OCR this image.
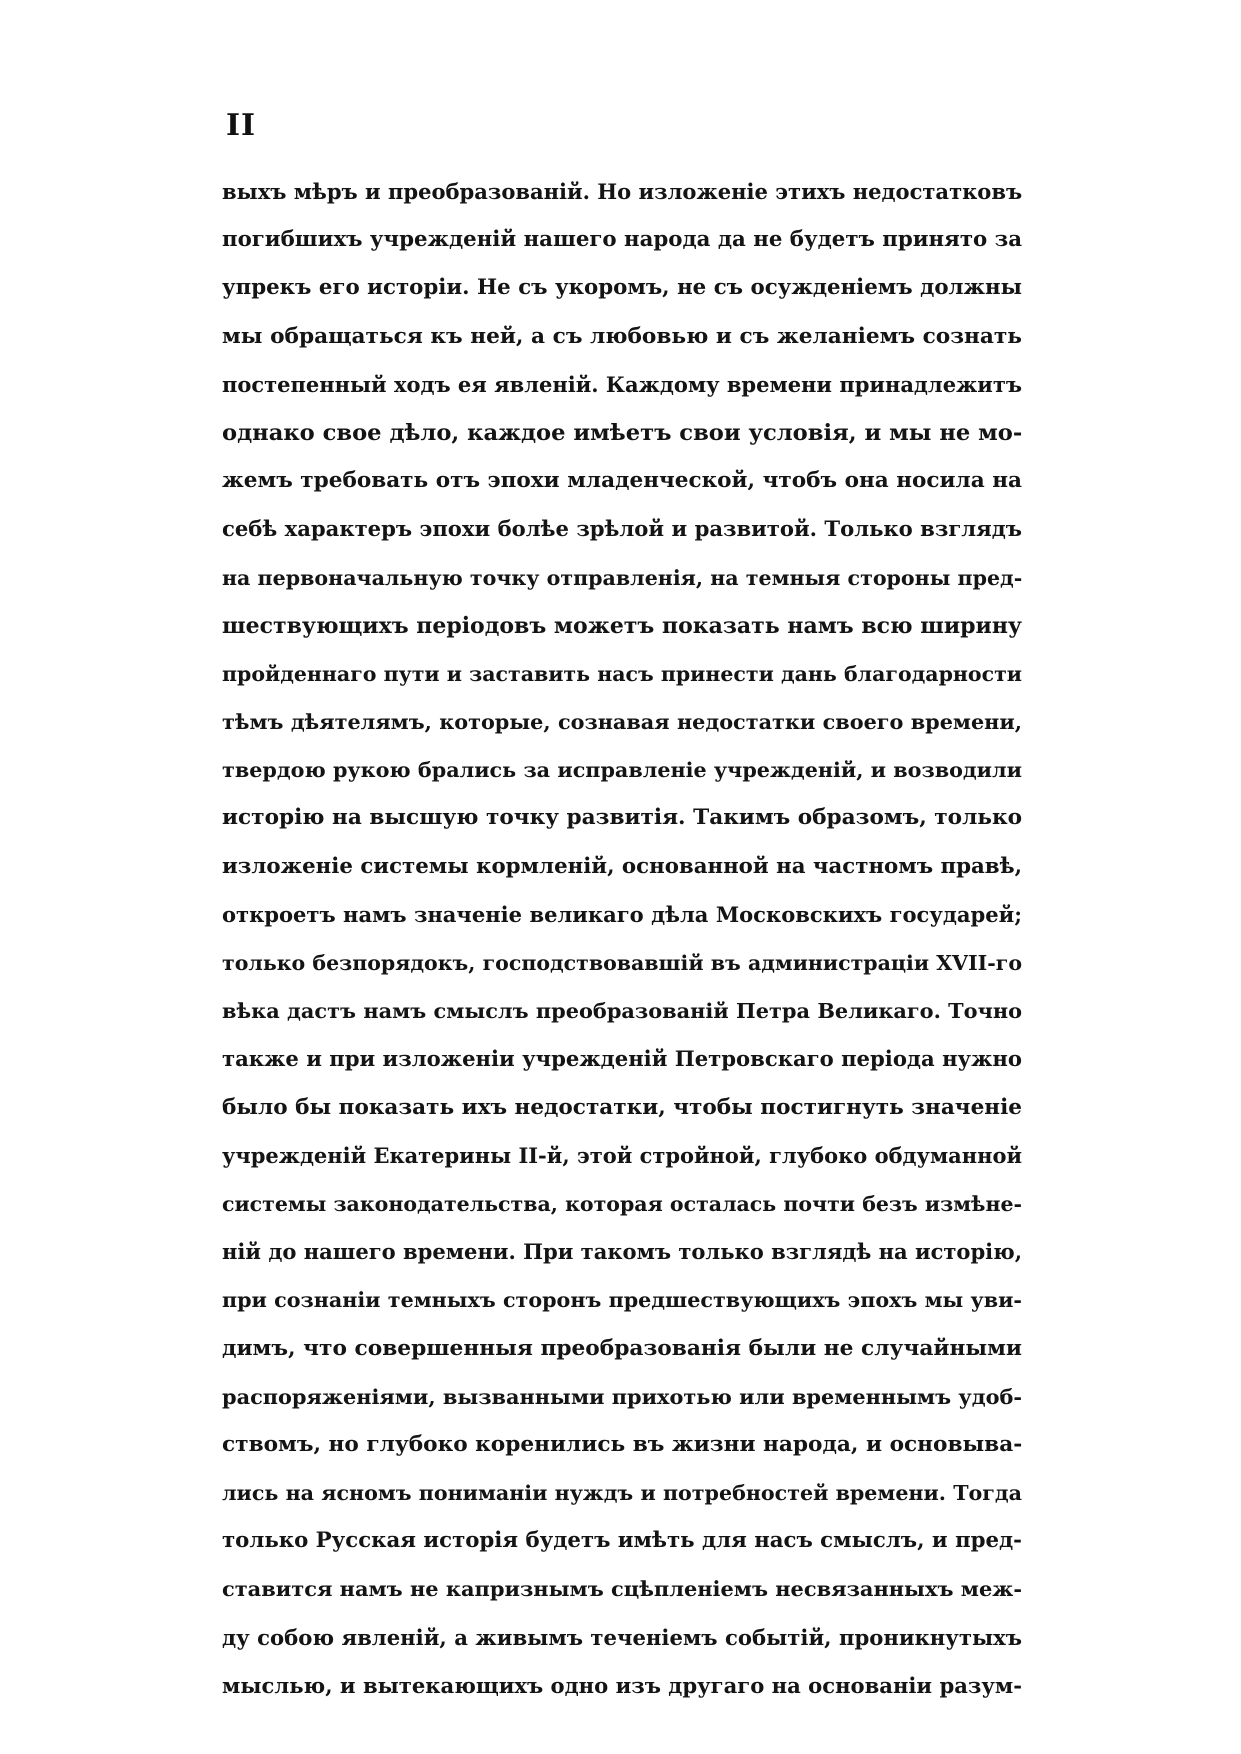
II
выхъ мѣръ и преобразованій. Но изложеніе этихъ недостатковъ
погибшихъ учрежденій нашего народа да не будетъ принято за
упрекъ его исторіи. Не съ укоромъ, не съ осужденіемъ должны
мы обращаться къ ней, а съ любовью и съ желаніемъ сознать
постепенный ходъ ея явленій. Каждому времени принадлежитъ
однако свое дѣло, каждое имѣетъ свои условія, и мы не мо-
жемъ требовать отъ эпохи младенческой, чтобъ она носила на
себѣ характеръ эпохи болѣе зрѣлой и развитой. Только взглядъ
на первоначальную точку отправленія, на темныя стороны пред-
шествующихъ періодовъ можетъ показать намъ всю ширину
пройденнаго пути и заставить насъ принести дань благодарности
тѣмъ дѣятелямъ, которые, сознавая недостатки своего времени,
твердою рукою брались за исправленіе учрежденій, и возводили
исторію на высшую точку развитія. Такимъ образомъ, только
изложеніе системы кормленій, основанной на частномъ правѣ,
откроетъ намъ значеніе великаго дѣла Московскихъ государей;
только безпорядокъ, господствовавшій въ администраціи XVII-го
вѣка дастъ намъ смыслъ преобразованій Петра Великаго. Точно
также и при изложеніи учрежденій Петровскаго періода нужно
было бы показать ихъ недостатки, чтобы постигнуть значеніе
учрежденій Екатерины II-й, этой стройной, глубоко обдуманной
системы законодательства, которая осталась почти безъ измѣне-
ній до нашего времени. При такомъ только взглядѣ на исторію,
при сознаніи темныхъ сторонъ предшествующихъ эпохъ мы уви-
димъ, что совершенныя преобразованія были не случайными
распоряженіями, вызванными прихотью или временнымъ удоб-
ствомъ, но глубоко коренились въ жизни народа, и основыва-
лись на ясномъ пониманіи нуждъ и потребностей времени. Тогда
только Русская исторія будетъ имѣть для насъ смыслъ, и пред-
ставится намъ не капризнымъ сцѣпленіемъ несвязанныхъ меж-
ду собою явленій, а живымъ теченіемъ событій, проникнутыхъ
мыслью, и вытекающихъ одно изъ другаго на основаніи разум-
